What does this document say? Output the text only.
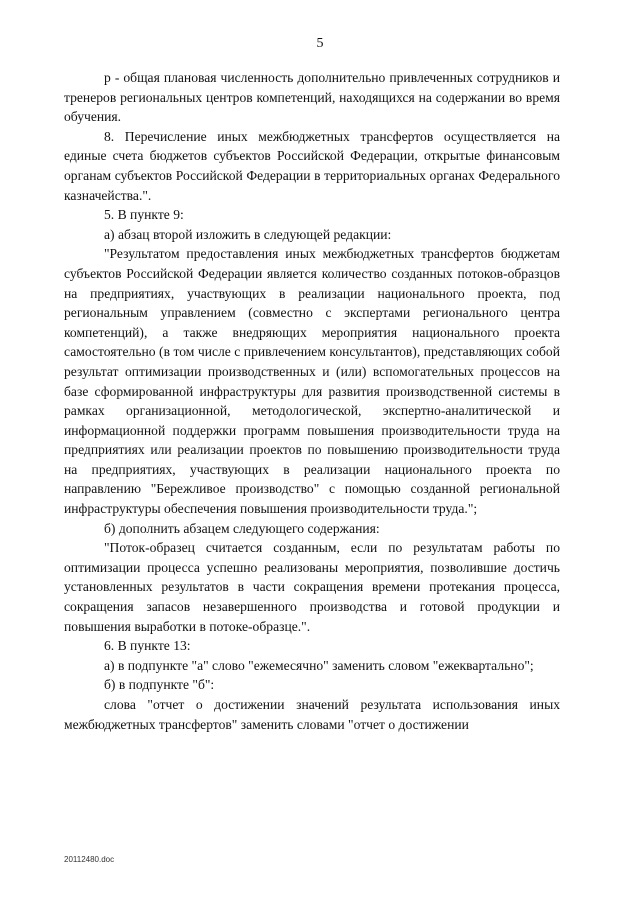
5

р - общая плановая численность дополнительно привлеченных сотрудников и тренеров региональных центров компетенций, находящихся на содержании во время обучения.

8. Перечисление иных межбюджетных трансфертов осуществляется на единые счета бюджетов субъектов Российской Федерации, открытые финансовым органам субъектов Российской Федерации в территориальных органах Федерального казначейства.".

5. В пункте 9:

а) абзац второй изложить в следующей редакции:

"Результатом предоставления иных межбюджетных трансфертов бюджетам субъектов Российской Федерации является количество созданных потоков-образцов на предприятиях, участвующих в реализации национального проекта, под региональным управлением (совместно с экспертами регионального центра компетенций), а также внедряющих мероприятия национального проекта самостоятельно (в том числе с привлечением консультантов), представляющих собой результат оптимизации производственных и (или) вспомогательных процессов на базе сформированной инфраструктуры для развития производственной системы в рамках организационной, методологической, экспертно-аналитической и информационной поддержки программ повышения производительности труда на предприятиях или реализации проектов по повышению производительности труда на предприятиях, участвующих в реализации национального проекта по направлению "Бережливое производство" с помощью созданной региональной инфраструктуры обеспечения повышения производительности труда.";

б) дополнить абзацем следующего содержания:

"Поток-образец считается созданным, если по результатам работы по оптимизации процесса успешно реализованы мероприятия, позволившие достичь установленных результатов в части сокращения времени протекания процесса, сокращения запасов незавершенного производства и готовой продукции и повышения выработки в потоке-образце.".

6. В пункте 13:

а) в подпункте "а" слово "ежемесячно" заменить словом "ежеквартально";

б) в подпункте "б":

слова "отчет о достижении значений результата использования иных межбюджетных трансфертов" заменить словами "отчет о достижении

20112480.doc
